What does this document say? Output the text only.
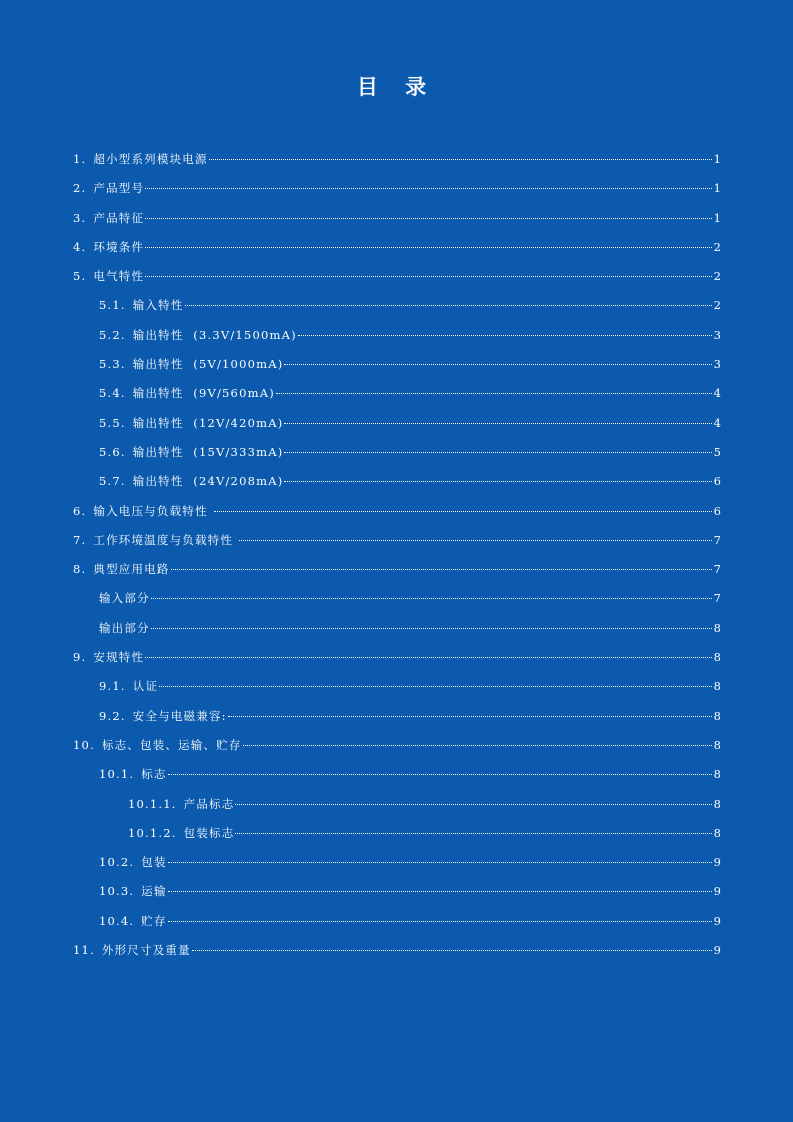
目 录
1. 超小型系列模块电源	1
2. 产品型号	1
3. 产品特征	1
4. 环境条件	2
5. 电气特性	2
5.1. 输入特性	2
5.2. 输出特性  (3.3V/1500mA)	3
5.3. 输出特性  (5V/1000mA)	3
5.4. 输出特性  (9V/560mA)	4
5.5. 输出特性  (12V/420mA)	4
5.6. 输出特性  (15V/333mA)	5
5.7. 输出特性  (24V/208mA)	6
6. 输入电压与负载特性	6
7. 工作环境温度与负载特性	7
8. 典型应用电路	7
输入部分	7
输出部分	8
9. 安规特性	8
9.1. 认证	8
9.2. 安全与电磁兼容:	8
10. 标志、包装、运输、贮存	8
10.1. 标志	8
10.1.1. 产品标志	8
10.1.2. 包装标志	8
10.2. 包装	9
10.3. 运输	9
10.4. 贮存	9
11. 外形尺寸及重量	9
